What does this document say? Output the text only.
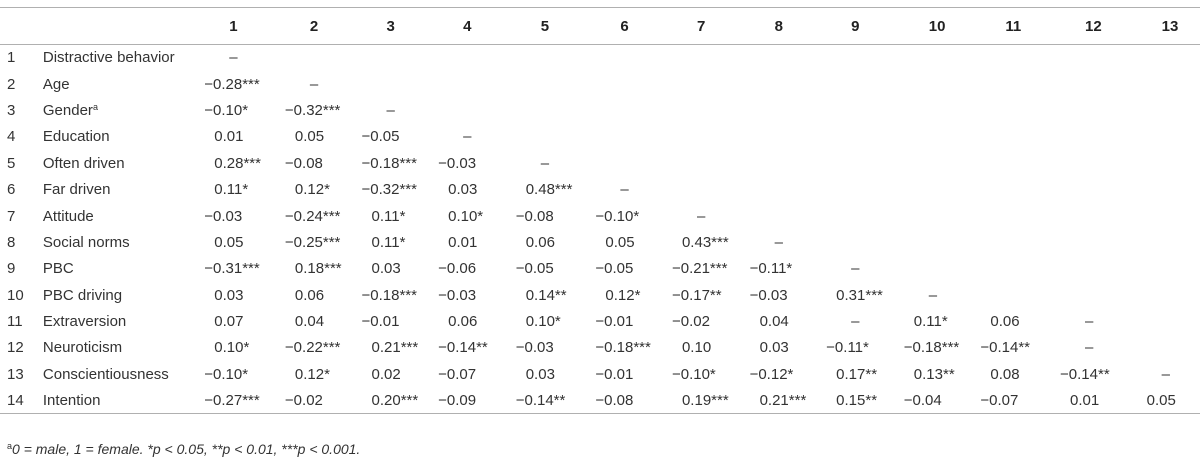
		1	2	3	4	5	6	7	8	9	10	11	12	13
1	Distractive behavior	–												
2	Age	−0.28***	–											
3	Gender$^a$	−0.10*	−0.32***	–										
4	Education	0.01	0.05	−0.05	–									
5	Often driven	0.28***	−0.08	−0.18***	−0.03	–								
6	Far driven	0.11*	0.12*	−0.32***	0.03	0.48***	–							
7	Attitude	−0.03	−0.24***	0.11*	0.10*	−0.08	−0.10*	–						
8	Social norms	0.05	−0.25***	0.11*	0.01	0.06	0.05	0.43***	–					
9	PBC	−0.31***	0.18***	0.03	−0.06	−0.05	−0.05	−0.21***	−0.11*	–				
10	PBC driving	0.03	0.06	−0.18***	−0.03	0.14**	0.12*	−0.17**	−0.03	0.31***	–			
11	Extraversion	0.07	0.04	−0.01	0.06	0.10*	−0.01	−0.02	0.04	–	0.11*	0.06	–	
12	Neuroticism	0.10*	−0.22***	0.21***	−0.14**	−0.03	−0.18***	0.10	0.03	−0.11*	−0.18***	−0.14**	–	
13	Conscientiousness	−0.10*	0.12*	0.02	−0.07	0.03	−0.01	−0.10*	−0.12*	0.17**	0.13**	0.08	−0.14**	–
14	Intention	−0.27***	−0.02	0.20***	−0.09	−0.14**	−0.08	0.19***	0.21***	0.15**	−0.04	−0.07	0.01	0.05
$^a$0 = male, 1 = female. *p < 0.05, **p < 0.01, ***p < 0.001.
